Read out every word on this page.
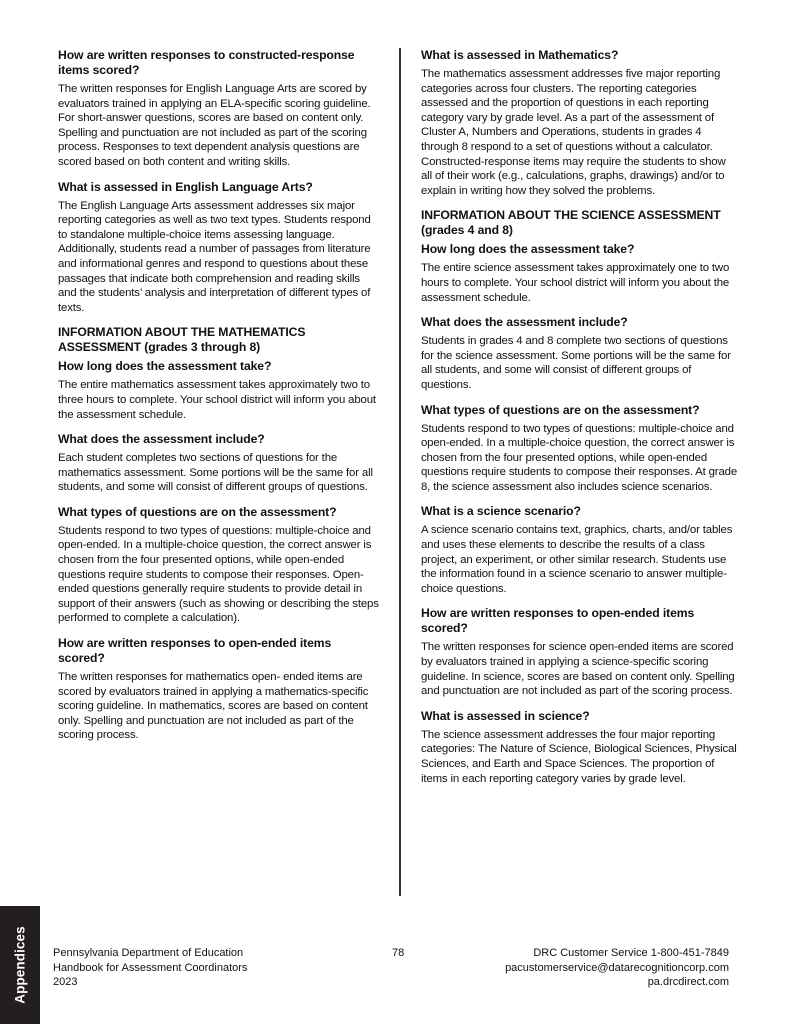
How are written responses to constructed-response items scored?

The written responses for English Language Arts are scored by evaluators trained in applying an ELA-specific scoring guideline. For short-answer questions, scores are based on content only. Spelling and punctuation are not included as part of the scoring process. Responses to text dependent analysis questions are scored based on both content and writing skills.

What is assessed in English Language Arts?

The English Language Arts assessment addresses six major reporting categories as well as two text types. Students respond to standalone multiple-choice items assessing language. Additionally, students read a number of passages from literature and informational genres and respond to questions about these passages that indicate both comprehension and reading skills and the students’ analysis and interpretation of different types of texts.

INFORMATION ABOUT THE MATHEMATICS ASSESSMENT (grades 3 through 8)
How long does the assessment take?

The entire mathematics assessment takes approximately two to three hours to complete. Your school district will inform you about the assessment schedule.

What does the assessment include?

Each student completes two sections of questions for the mathematics assessment. Some portions will be the same for all students, and some will consist of different groups of questions.

What types of questions are on the assessment?

Students respond to two types of questions: multiple-choice and open-ended. In a multiple-choice question, the correct answer is chosen from the four presented options, while open-ended questions require students to compose their responses. Open-ended questions generally require students to provide detail in support of their answers (such as showing or describing the steps performed to complete a calculation).

How are written responses to open-ended items scored?

The written responses for mathematics open- ended items are scored by evaluators trained in applying a mathematics-specific scoring guideline. In mathematics, scores are based on content only. Spelling and punctuation are not included as part of the scoring process.

What is assessed in Mathematics?

The mathematics assessment addresses five major reporting categories across four clusters. The reporting categories assessed and the proportion of questions in each reporting category vary by grade level. As a part of the assessment of Cluster A, Numbers and Operations, students in grades 4 through 8 respond to a set of questions without a calculator. Constructed-response items may require the students to show all of their work (e.g., calculations, graphs, drawings) and/or to explain in writing how they solved the problems.

INFORMATION ABOUT THE SCIENCE ASSESSMENT (grades 4 and 8)
How long does the assessment take?

The entire science assessment takes approximately one to two hours to complete. Your school district will inform you about the assessment schedule.

What does the assessment include?

Students in grades 4 and 8 complete two sections of questions for the science assessment. Some portions will be the same for all students, and some will consist of different groups of questions.

What types of questions are on the assessment?

Students respond to two types of questions: multiple-choice and open-ended. In a multiple-choice question, the correct answer is chosen from the four presented options, while open-ended questions require students to compose their responses. At grade 8, the science assessment also includes science scenarios.

What is a science scenario?

A science scenario contains text, graphics, charts, and/or tables and uses these elements to describe the results of a class project, an experiment, or other similar research. Students use the information found in a science scenario to answer multiple-choice questions.

How are written responses to open-ended items scored?

The written responses for science open-ended items are scored by evaluators trained in applying a science-specific scoring guideline. In science, scores are based on content only. Spelling and punctuation are not included as part of the scoring process.

What is assessed in science?

The science assessment addresses the four major reporting categories: The Nature of Science, Biological Sciences, Physical Sciences, and Earth and Space Sciences. The proportion of items in each reporting category varies by grade level.

Appendices Pennsylvania Department of Education
Handbook for Assessment Coordinators
2023
78	DRC Customer Service 1-800-451-7849
pacustomerservice@datarecognitioncorp.com
pa.drcdirect.com
